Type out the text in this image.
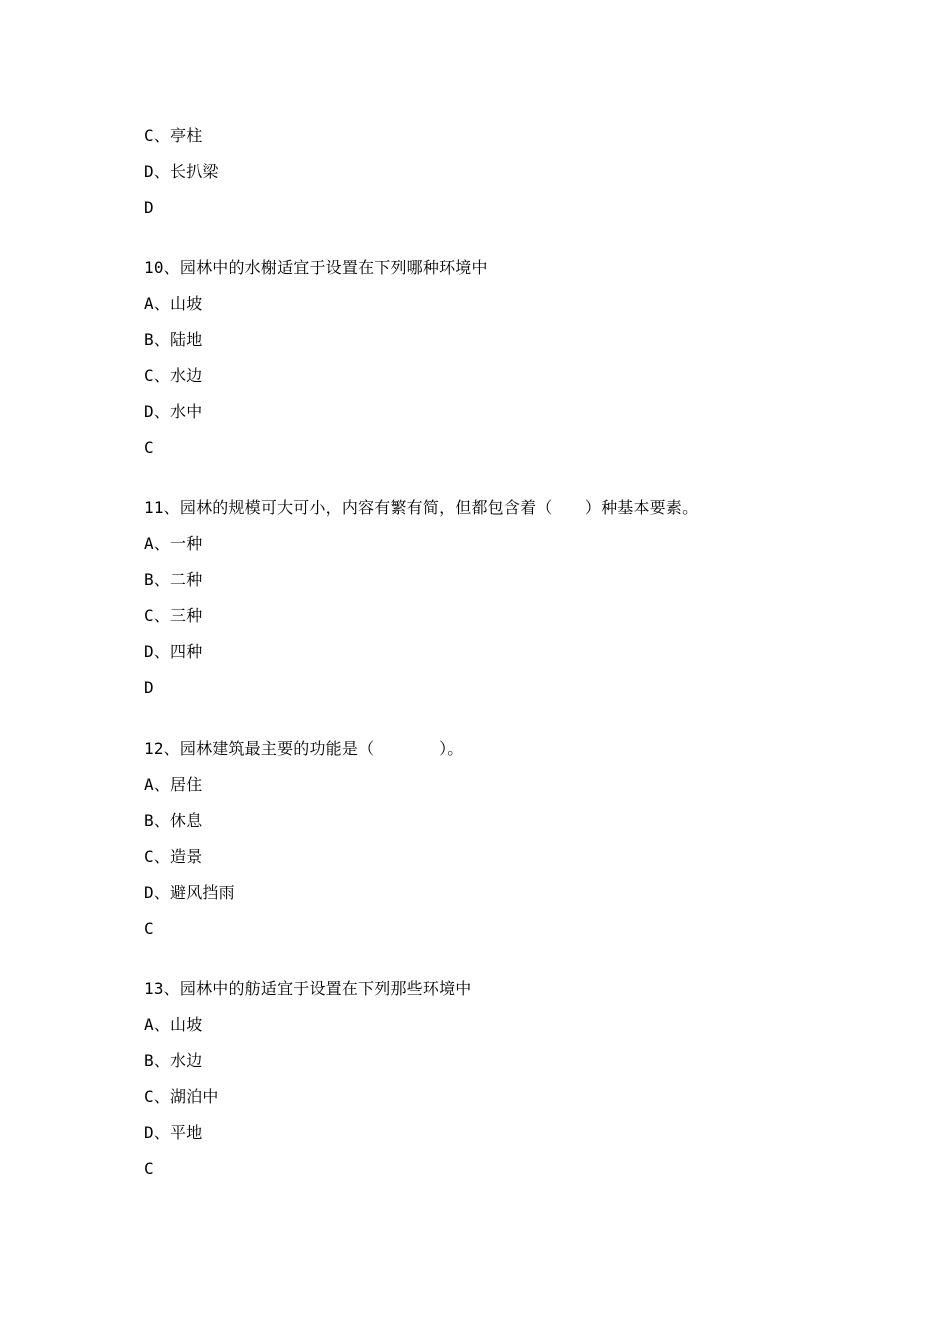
C、亭柱
D、长扒梁
D
10、园林中的水榭适宜于设置在下列哪种环境中
A、山坡
B、陆地
C、水边
D、水中
C
11、园林的规模可大可小，内容有繁有简，但都包含着（　　）种基本要素。
A、一种
B、二种
C、三种
D、四种
D
12、园林建筑最主要的功能是（　　　　）。
A、居住
B、休息
C、造景
D、避风挡雨
C
13、园林中的舫适宜于设置在下列那些环境中
A、山坡
B、水边
C、湖泊中
D、平地
C
